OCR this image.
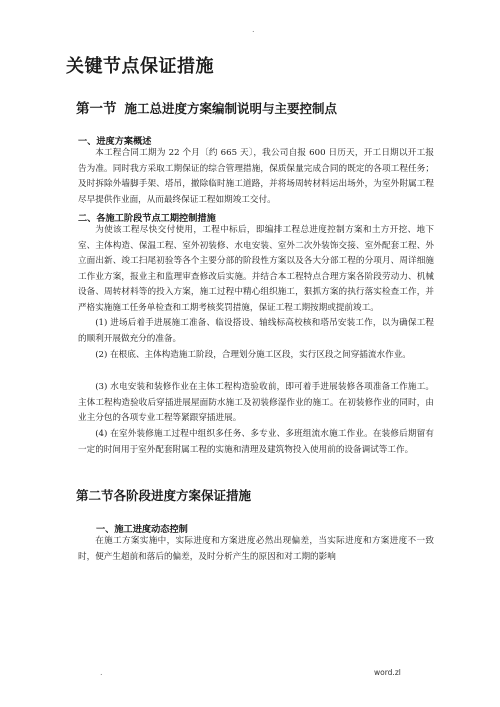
.
关键节点保证措施
第一节 施工总进度方案编制说明与主要控制点
一、进度方案概述
本工程合同工期为 22 个月〔约 665 天〕，我公司自报 600 日历天，开工日期以开工报告为准。同时我方采取工期保证的综合管理措施，保质保量完成合同的既定的各项工程任务；及时拆除外墙脚手架、塔吊，撤除临时施工道路，并将场周转材料运出场外，为室外附属工程尽早提供作业面，从而最终保证工程如期竣工交付。
二、各施工阶段节点工期控制措施
为使该工程尽快交付使用，工程中标后，即编排工程总进度控制方案和土方开挖、地下室、主体构造、保温工程、室外初装修、水电安装、室外二次外装饰交接、室外配套工程、外立面出新、竣工扫尾初验等各个主要分部的阶段性方案以及各大分部工程的分项月、周详细施工作业方案，报业主和监理审查修改后实施。并结合本工程特点合理方案各阶段劳动力、机械设备、周转材料等的投入方案，施工过程中精心组织施工，狠抓方案的执行落实检查工作，并严格实施施工任务单检查和工期考核奖罚措施，保证工程工期按期或提前竣工。
(1) 进场后着手进展施工准备、临设搭设、轴线标高校核和塔吊安装工作，以为确保工程的顺利开展做充分的准备。
(2) 在根底、主体构造施工阶段，合理划分施工区段，实行区段之间穿插流水作业。
(3) 水电安装和装修作业在主体工程构造验收前，即可着手进展装修各项准备工作施工。主体工程构造验收后穿插进展屋面防水施工及初装修湿作业的施工。在初装修作业的同时，由业主分包的各项专业工程等紧跟穿插进展。
(4) 在室外装修施工过程中组织多任务、多专业、多班组流水施工作业。在装修后期留有一定的时间用于室外配套附属工程的实施和清理及建筑物投入使用前的设备调试等工作。
第二节各阶段进度方案保证措施
一、施工进度动态控制
在施工方案实施中，实际进度和方案进度必然出现偏差，当实际进度和方案进度不一致时，便产生超前和落后的偏差，及时分析产生的原因和对工期的影响
.	word.zl
